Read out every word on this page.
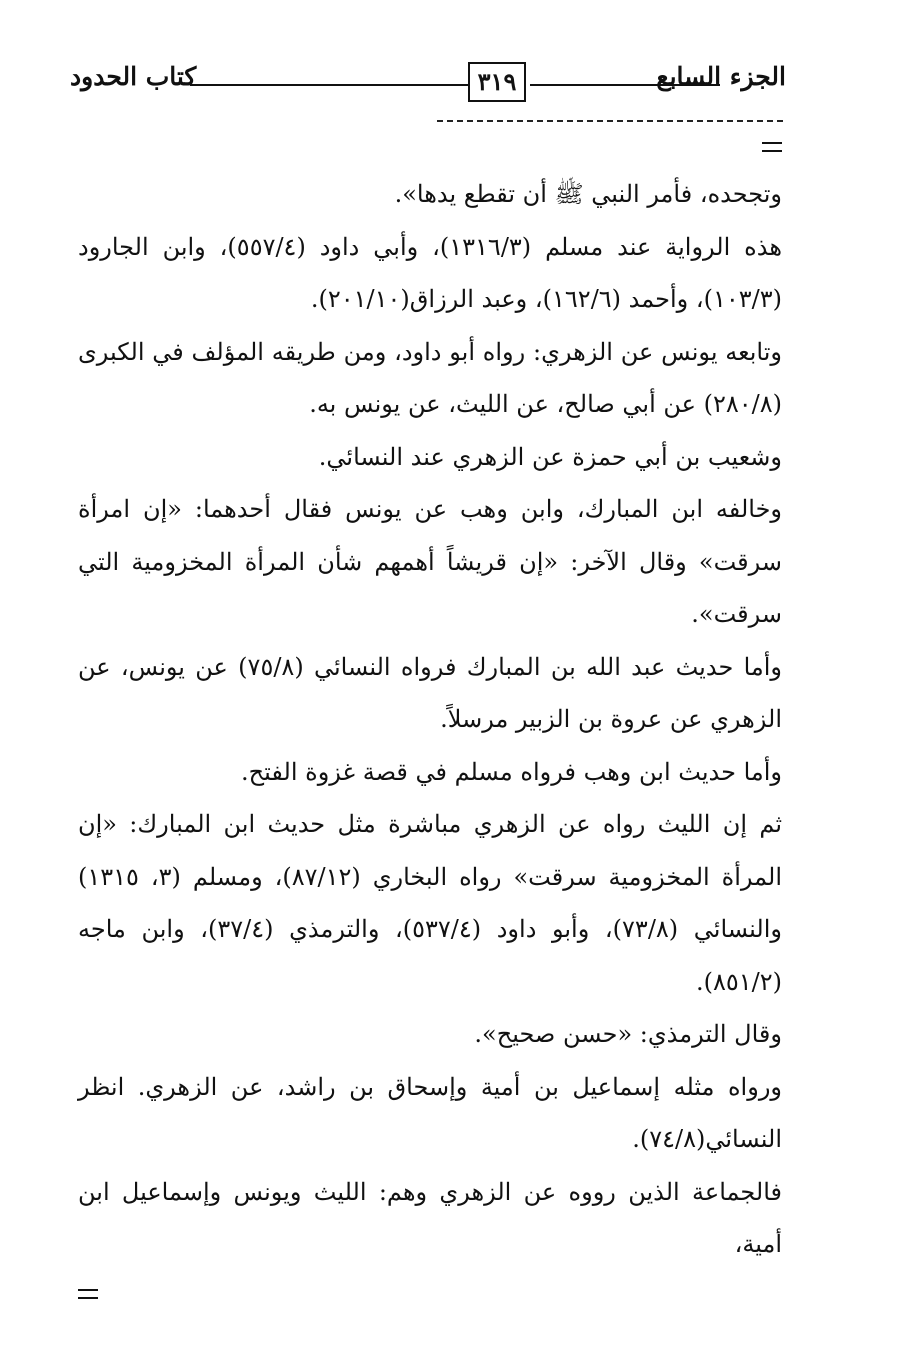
الجزء السابع
٣١٩
كتاب الحدود

وتجحده، فأمر النبي ﷺ أن تقطع يدها».

هذه الرواية عند مسلم (١٣١٦/٣)، وأبي داود (٥٥٧/٤)، وابن الجارود (١٠٣/٣)، وأحمد (١٦٢/٦)، وعبد الرزاق(٢٠١/١٠).

وتابعه يونس عن الزهري: رواه أبو داود، ومن طريقه المؤلف في الكبرى (٢٨٠/٨) عن أبي صالح، عن الليث، عن يونس به.

وشعيب بن أبي حمزة عن الزهري عند النسائي.

وخالفه ابن المبارك، وابن وهب عن يونس فقال أحدهما: «إن امرأة سرقت» وقال الآخر: «إن قريشاً أهمهم شأن المرأة المخزومية التي سرقت».

وأما حديث عبد الله بن المبارك فرواه النسائي (٧٥/٨) عن يونس، عن الزهري عن عروة بن الزبير مرسلاً.

وأما حديث ابن وهب فرواه مسلم في قصة غزوة الفتح.

ثم إن الليث رواه عن الزهري مباشرة مثل حديث ابن المبارك: «إن المرأة المخزومية سرقت» رواه البخاري (٨٧/١٢)، ومسلم (٣، ١٣١٥) والنسائي (٧٣/٨)، وأبو داود (٥٣٧/٤)، والترمذي (٣٧/٤)، وابن ماجه (٨٥١/٢).

وقال الترمذي: «حسن صحيح».

ورواه مثله إسماعيل بن أمية وإسحاق بن راشد، عن الزهري. انظر النسائي(٧٤/٨).

فالجماعة الذين رووه عن الزهري وهم: الليث ويونس وإسماعيل ابن أمية،
